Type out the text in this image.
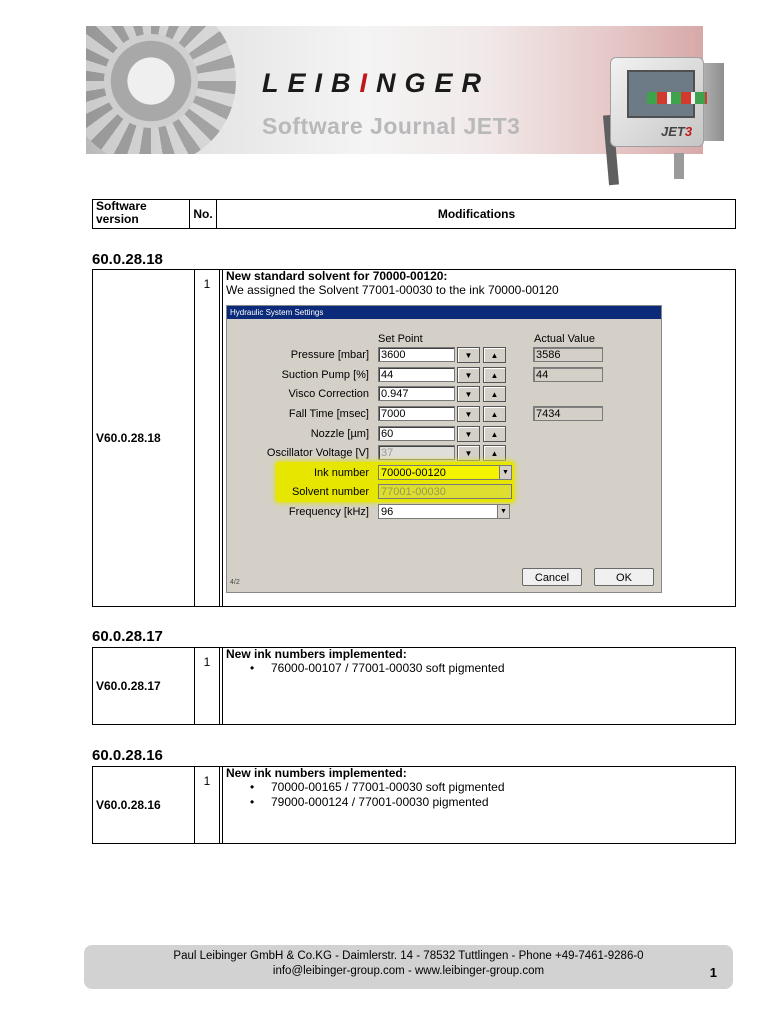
LEIBINGER
Software Journal JET3	JET3
Software version	No.	Modifications
60.0.28.18
V60.0.28.18
1
New standard solvent for 70000-00120:
We assigned the Solvent 77001-00030 to the ink 70000-00120
Hydraulic System Settings
Set Point	Actual Value
Pressure [mbar] 3600	▼	▲	3586
Suction Pump [%] 44	▼	▲	44
Visco Correction 0.947	▼	▲
Fall Time [msec] 7000	▼	▲	7434
Nozzle [µm] 60	▼	▲
Oscillator Voltage [V] 37	▼	▲
Ink number 70000-00120	▼
Solvent number 77001-00030
Frequency [kHz] 96	▼
Cancel	OK
4/2
60.0.28.17
V60.0.28.17
1
New ink numbers implemented:
• 76000-00107 / 77001-00030 soft pigmented
60.0.28.16
V60.0.28.16
1
New ink numbers implemented:
• 70000-00165 / 77001-00030 soft pigmented
• 79000-000124 / 77001-00030 pigmented
Paul Leibinger GmbH & Co.KG - Daimlerstr. 14 - 78532 Tuttlingen - Phone +49-7461-9286-0
info@leibinger-group.com - www.leibinger-group.com	1
